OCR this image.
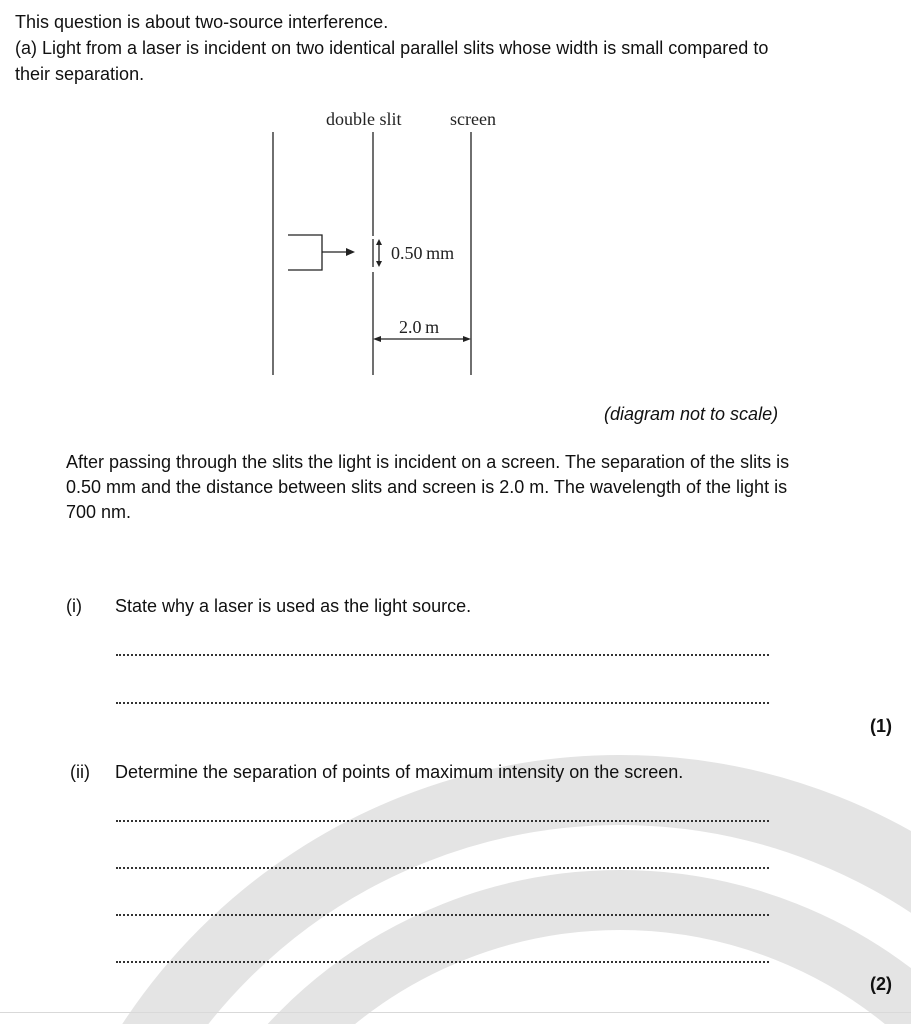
This question is about two-source interference.

(a) Light from a laser is incident on two identical parallel slits whose width is small compared to

their separation.

double slit	screen
0.50 mm
2.0 m

(diagram not to scale)

After passing through the slits the light is incident on a screen. The separation of the slits is

0.50 mm and the distance between slits and screen is 2.0 m. The wavelength of the light is

700 nm.

(i) State why a laser is used as the light source.

(1)

(ii) Determine the separation of points of maximum intensity on the screen.

(2)
